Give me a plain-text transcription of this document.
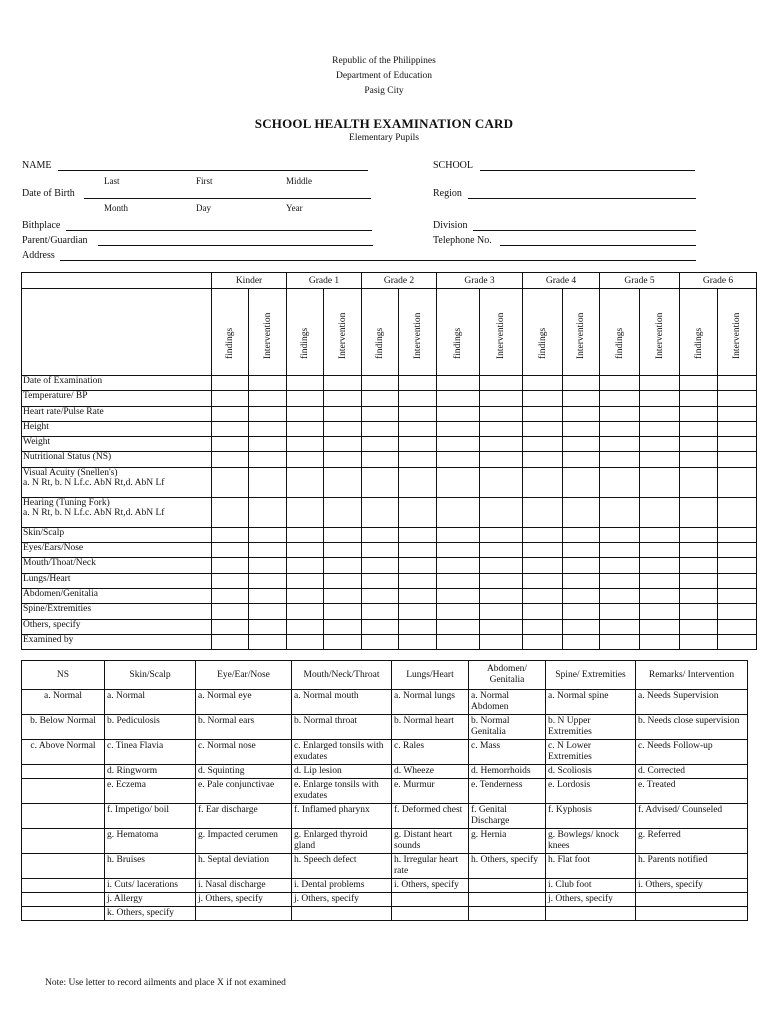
Republic of the Philippines
Department of Education
Pasig City
SCHOOL HEALTH EXAMINATION CARD
Elementary Pupils
NAME
Last	First	Middle
Date of Birth
Month	Day	Year
Bithplace
Parent/Guardian
Address
SCHOOL
Region
Division
Telephone No.
	Kinder		Grade 1		Grade 2		Grade 3		Grade 4		Grade 5		Grade 6	

	findings	Intervention	findings	Intervention	findings	Intervention	findings	Intervention	findings	Intervention	findings	Intervention	findings	Intervention

Date of Examination														

Temperature/ BP														

Heart rate/Pulse Rate														

Height														

Weight														

Nutritional Status (NS)														

Visual Acuity (Snellen's)
a. N Rt, b. N Lf.c. AbN Rt,d. AbN Lf														

Hearing (Tuning Fork)
a. N Rt, b. N Lf.c. AbN Rt,d. AbN Lf														

Skin/Scalp														

Eyes/Ears/Nose														

Mouth/Thoat/Neck														

Lungs/Heart														

Abdomen/Genitalia														

Spine/Extremities														

Others, specify														

Examined by														

NS	Skin/Scalp	Eye/Ear/Nose	Mouth/Neck/Throat	Lungs/Heart	Abdomen/ Genitalia	Spine/ Extremities	Remarks/ Intervention
a. Normal	a. Normal	a. Normal eye	a. Normal mouth	a. Normal lungs	a. Normal Abdomen	a. Normal spine	a. Needs Supervision
b. Below Normal	b. Pediculosis	b. Normal ears	b. Normal throat	b. Normal heart	b. Normal Genitalia	b. N Upper Extremities	b. Needs close supervision
c. Above Normal	c. Tinea Flavia	c. Normal nose	c. Enlarged tonsils with exudates	c. Rales	c. Mass	c. N Lower Extremities	c. Needs Follow-up
	d. Ringworm	d. Squinting	d. Lip lesion	d. Wheeze	d. Hemorrhoids	d. Scoliosis	d. Corrected
	e. Eczema	e. Pale conjunctivae	e. Enlarge tonsils with exudates	e. Murmur	e. Tenderness	e. Lordosis	e. Treated
	f. Impetigo/ boil	f. Ear discharge	f. Inflamed pharynx	f. Deformed chest	f. Genital Discharge	f. Kyphosis	f. Advised/ Counseled
	g. Hematoma	g. Impacted cerumen	g. Enlarged thyroid gland	g. Distant heart sounds	g. Hernia	g. Bowlegs/ knock knees	g. Referred
	h. Bruises	h. Septal deviation	h. Speech defect	h. Irregular heart rate	h. Others, specify	h. Flat foot	h. Parents notified
	i. Cuts/ lacerations	i. Nasal discharge	i. Dental problems	i. Others, specify		i. Club foot	i. Others, specify
	j. Allergy	j. Others, specify	j. Others, specify			j. Others, specify	
	k. Others, specify						
Note: Use letter to record ailments and place X if not examined
